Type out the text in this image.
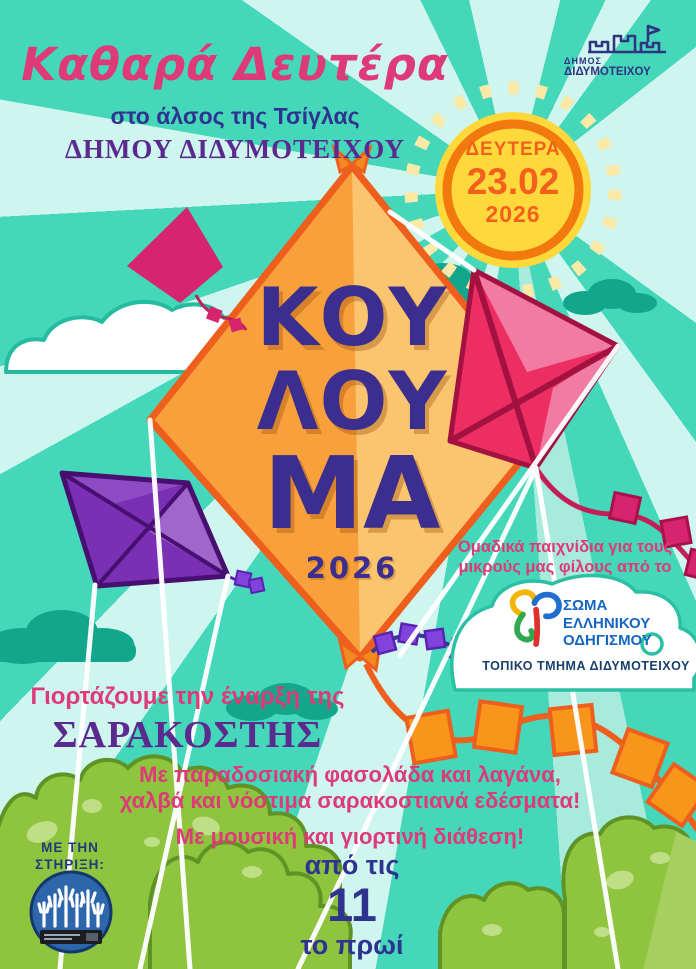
Καθαρά Δευτέρα
στο άλσος της Τσίγλας
ΔΗΜΟΥ ΔΙΔΥΜΟΤΕΙΧΟΥ
ΔΗΜΟΣ
ΔΙΔΥΜΟΤΕΙΧΟΥ
ΔΕΥΤΕΡΑ
23.02
2026
ΚΟΥ
ΛΟΥ
ΜΑ
2026
Ομαδικά παιχνίδια για τους
μικρούς μας φίλους από το
ΣΩΜΑ
ΕΛΛΗΝΙΚΟΥ
ΟΔΗΓΙΣΜΟΥ
ΤΟΠΙΚΟ ΤΜΗΜΑ ΔΙΔΥΜΟΤΕΙΧΟΥ
Γιορτάζουμε την έναρξη της
ΣΑΡΑΚΟΣΤΗΣ
Με παραδοσιακή φασολάδα και λαγάνα,
χαλβά και νόστιμα σαρακοστιανά εδέσματα!
Με μουσική και γιορτινή διάθεση!
από τις
11
το πρωί
ΜΕ ΤΗΝ
ΣΤΗΡΙΞΗ:
